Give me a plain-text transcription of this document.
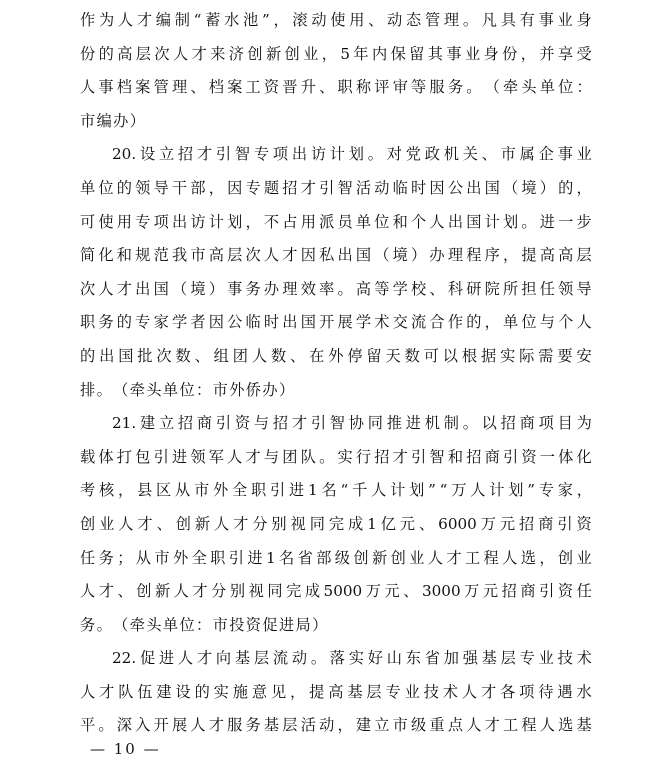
作 为 人 才 编 制 “ 蓄 水 池 ” ， 滚 动 使 用 、 动 态 管 理 。 凡 具 有 事 业 身
份 的 高 层 次 人 才 来 济 创 新 创 业 ， 5 年 内 保 留 其 事 业 身 份 ， 并 享 受
人 事 档 案 管 理 、 档 案 工 资 晋 升 、 职 称 评 审 等 服 务 。 （ 牵 头 单 位 ：
市 编 办 ）
20. 设 立 招 才 引 智 专 项 出 访 计 划 。 对 党 政 机 关 、 市 属 企 事 业
单 位 的 领 导 干 部 ， 因 专 题 招 才 引 智 活 动 临 时 因 公 出 国 （ 境 ） 的 ，
可 使 用 专 项 出 访 计 划 ， 不 占 用 派 员 单 位 和 个 人 出 国 计 划 。 进 一 步
简 化 和 规 范 我 市 高 层 次 人 才 因 私 出 国 （ 境 ） 办 理 程 序 ， 提 高 高 层
次 人 才 出 国 （ 境 ） 事 务 办 理 效 率 。 高 等 学 校 、 科 研 院 所 担 任 领 导
职 务 的 专 家 学 者 因 公 临 时 出 国 开 展 学 术 交 流 合 作 的 ， 单 位 与 个 人
的 出 国 批 次 数 、 组 团 人 数 、 在 外 停 留 天 数 可 以 根 据 实 际 需 要 安
排 。 （ 牵 头 单 位 ： 市 外 侨 办 ）
21. 建 立 招 商 引 资 与 招 才 引 智 协 同 推 进 机 制 。 以 招 商 项 目 为
载 体 打 包 引 进 领 军 人 才 与 团 队 。 实 行 招 才 引 智 和 招 商 引 资 一 体 化
考 核 ， 县 区 从 市 外 全 职 引 进 1 名 “ 千 人 计 划 ” “ 万 人 计 划 ” 专 家 ，
创 业 人 才 、 创 新 人 才 分 别 视 同 完 成 1 亿 元 、 6000 万 元 招 商 引 资
任 务 ； 从 市 外 全 职 引 进 1 名 省 部 级 创 新 创 业 人 才 工 程 人 选 ， 创 业
人 才 、 创 新 人 才 分 别 视 同 完 成 5000 万 元 、 3000 万 元 招 商 引 资 任
务 。 （ 牵 头 单 位 ： 市 投 资 促 进 局 ）
22. 促 进 人 才 向 基 层 流 动 。 落 实 好 山 东 省 加 强 基 层 专 业 技 术
人 才 队 伍 建 设 的 实 施 意 见 ， 提 高 基 层 专 业 技 术 人 才 各 项 待 遇 水
平 。 深 入 开 展 人 才 服 务 基 层 活 动 ， 建 立 市 级 重 点 人 才 工 程 人 选 基
— 10 —
